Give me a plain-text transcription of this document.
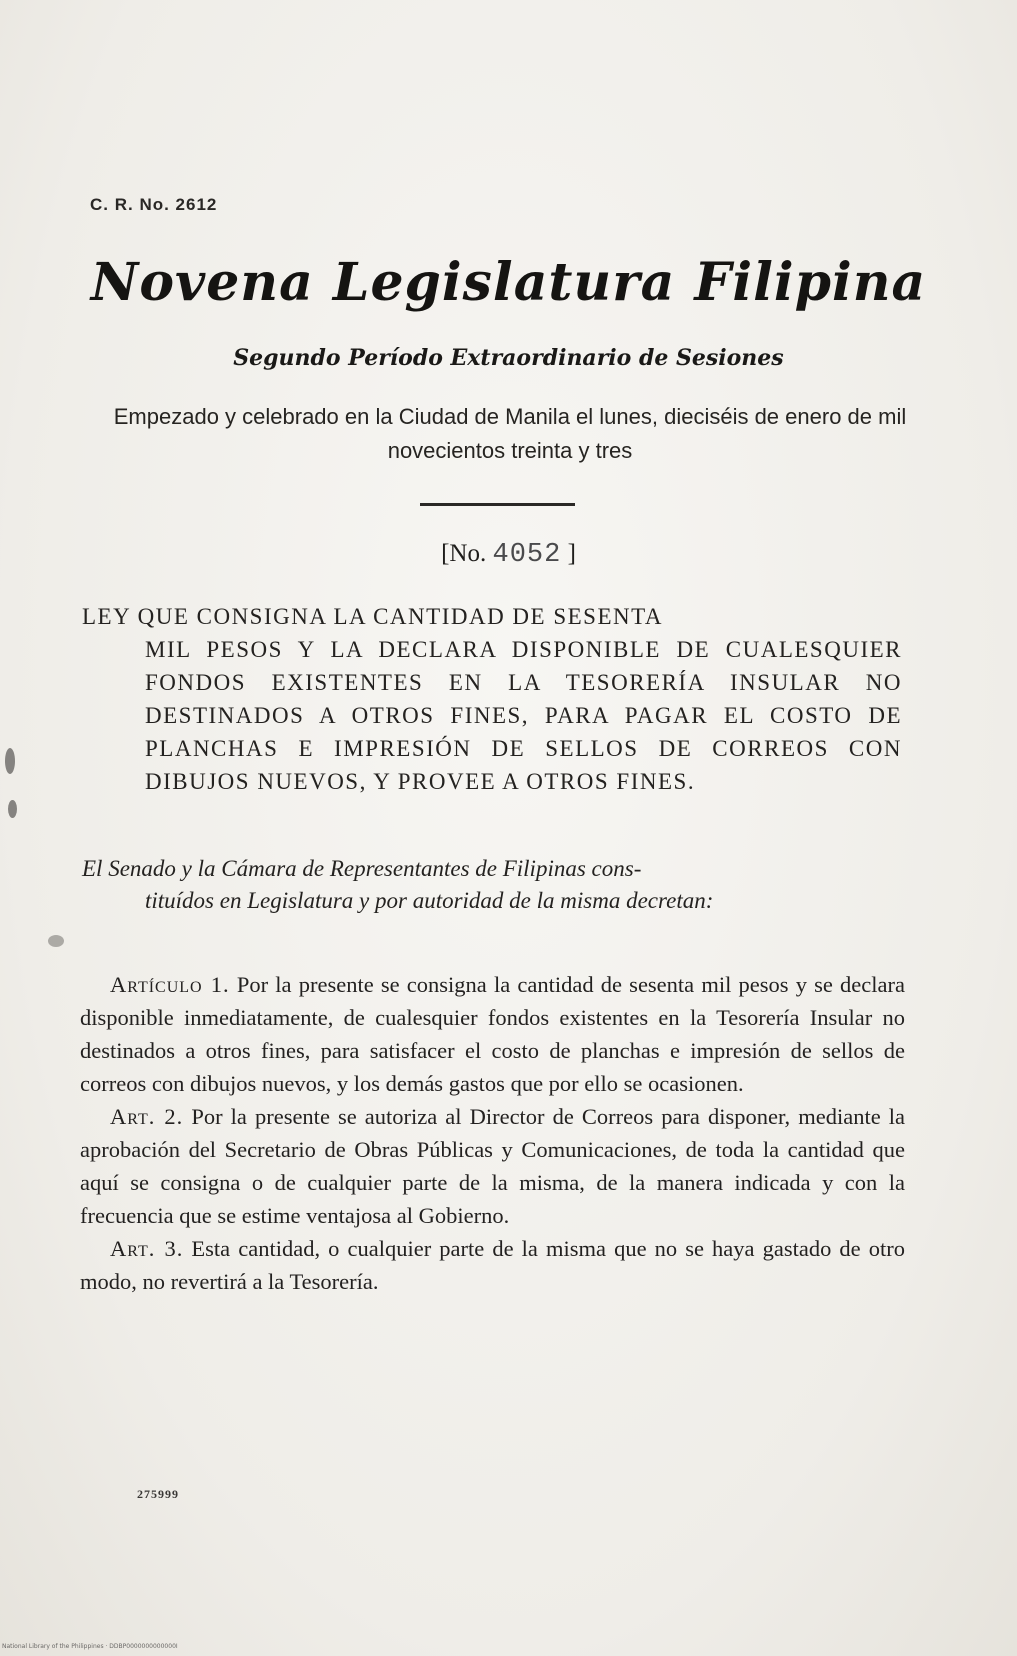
C. R. No. 2612
Novena Legislatura Filipina
Segundo Período Extraordinario de Sesiones
Empezado y celebrado en la Ciudad de Manila el lunes, dieciséis de enero de mil novecientos treinta y tres
[No. 4052 ]
LEY QUE CONSIGNA LA CANTIDAD DE SESENTA
MIL PESOS Y LA DECLARA DISPONIBLE DE CUALESQUIER FONDOS EXISTENTES EN LA TESORERÍA INSULAR NO DESTINADOS A OTROS FINES, PARA PAGAR EL COSTO DE PLANCHAS E IMPRESIÓN DE SELLOS DE CORREOS CON DIBUJOS NUEVOS, Y PROVEE A OTROS FINES.
El Senado y la Cámara de Representantes de Filipinas cons-
tituídos en Legislatura y por autoridad de la misma decretan:

Artículo 1. Por la presente se consigna la cantidad de sesenta mil pesos y se declara disponible inmediatamente, de cualesquier fondos existentes en la Tesorería Insular no destinados a otros fines, para satisfacer el costo de planchas e impresión de sellos de correos con dibujos nuevos, y los demás gastos que por ello se ocasionen.

Art. 2. Por la presente se autoriza al Director de Correos para disponer, mediante la aprobación del Secretario de Obras Públicas y Comunicaciones, de toda la cantidad que aquí se consigna o de cualquier parte de la misma, de la manera indicada y con la frecuencia que se estime ventajosa al Gobierno.

Art. 3. Esta cantidad, o cualquier parte de la misma que no se haya gastado de otro modo, no revertirá a la Tesorería.

275999
National Library of the Philippines · DDBP0000000000000I
